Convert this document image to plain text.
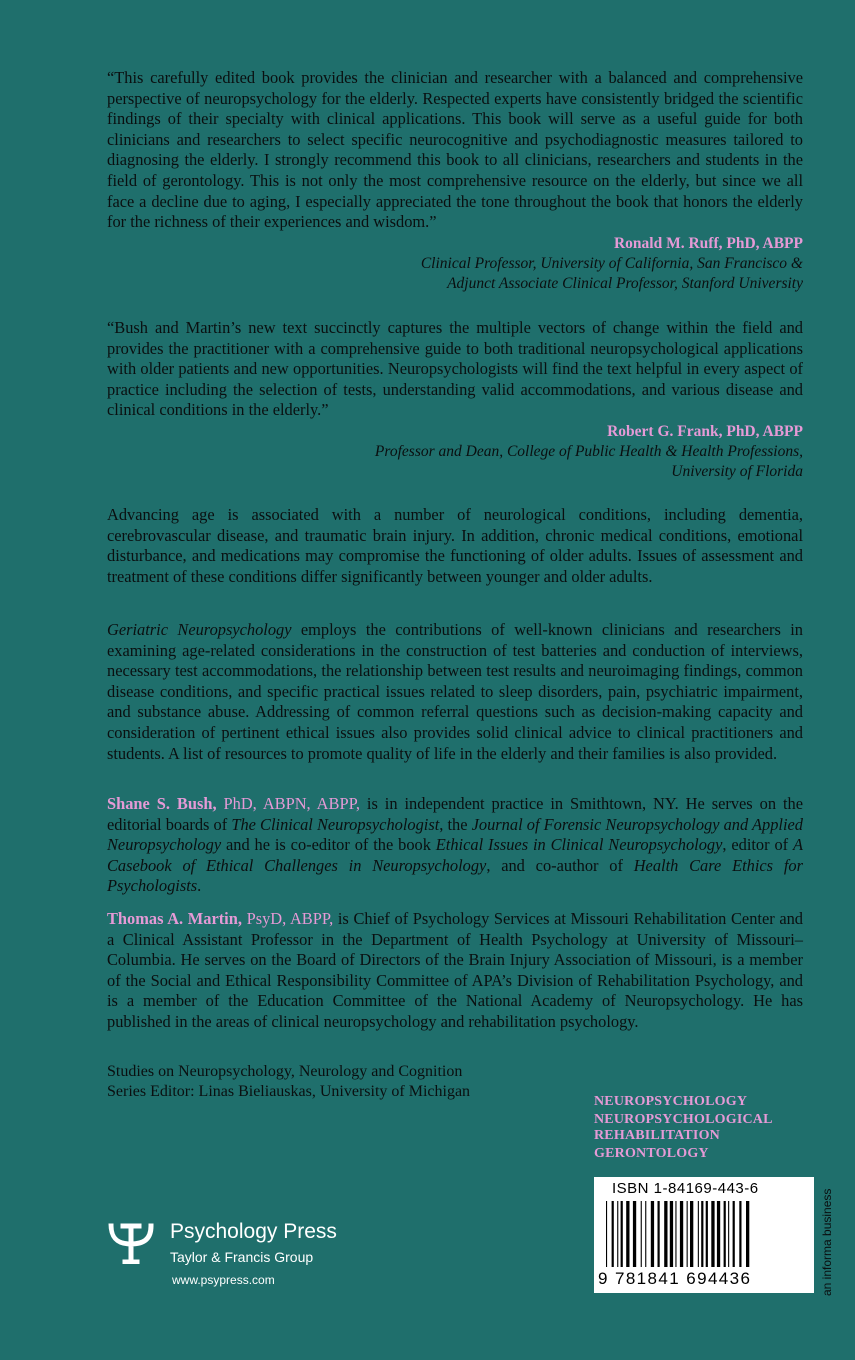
“This carefully edited book provides the clinician and researcher with a balanced and comprehensive perspective of neuropsychology for the elderly. Respected experts have consistently bridged the scientific findings of their specialty with clinical applications. This book will serve as a useful guide for both clinicians and researchers to select specific neurocognitive and psychodiagnostic measures tailored to diagnosing the elderly. I strongly recommend this book to all clinicians, researchers and students in the field of gerontology. This is not only the most comprehensive resource on the elderly, but since we all face a decline due to aging, I especially appreciated the tone throughout the book that honors the elderly for the richness of their experiences and wisdom.”

Ronald M. Ruff, PhD, ABPP
Clinical Professor, University of California, San Francisco &
Adjunct Associate Clinical Professor, Stanford University

“Bush and Martin’s new text succinctly captures the multiple vectors of change within the field and provides the practitioner with a comprehensive guide to both traditional neuropsychological applications with older patients and new opportunities. Neuropsychologists will find the text helpful in every aspect of practice including the selection of tests, understanding valid accommodations, and various disease and clinical conditions in the elderly.”

Robert G. Frank, PhD, ABPP
Professor and Dean, College of Public Health & Health Professions,
University of Florida

Advancing age is associated with a number of neurological conditions, including dementia, cerebrovascular disease, and traumatic brain injury. In addition, chronic medical conditions, emotional disturbance, and medications may compromise the functioning of older adults. Issues of assessment and treatment of these conditions differ significantly between younger and older adults.

Geriatric Neuropsychology employs the contributions of well-known clinicians and researchers in examining age-related considerations in the construction of test batteries and conduction of interviews, necessary test accommodations, the relationship between test results and neuroimaging findings, common disease conditions, and specific practical issues related to sleep disorders, pain, psychiatric impairment, and substance abuse. Addressing of common referral questions such as decision-making capacity and consideration of pertinent ethical issues also provides solid clinical advice to clinical practitioners and students. A list of resources to promote quality of life in the elderly and their families is also provided.

Shane S. Bush, PhD, ABPN, ABPP, is in independent practice in Smithtown, NY. He serves on the editorial boards of The Clinical Neuropsychologist, the Journal of Forensic Neuropsychology and Applied Neuropsychology and he is co-editor of the book Ethical Issues in Clinical Neuropsychology, editor of A Casebook of Ethical Challenges in Neuropsychology, and co-author of Health Care Ethics for Psychologists.

Thomas A. Martin, PsyD, ABPP, is Chief of Psychology Services at Missouri Rehabilitation Center and a Clinical Assistant Professor in the Department of Health Psychology at University of Missouri–Columbia. He serves on the Board of Directors of the Brain Injury Association of Missouri, is a member of the Social and Ethical Responsibility Committee of APA’s Division of Rehabilitation Psychology, and is a member of the Education Committee of the National Academy of Neuropsychology. He has published in the areas of clinical neuropsychology and rehabilitation psychology.

Studies on Neuropsychology, Neurology and Cognition
Series Editor: Linas Bieliauskas, University of Michigan
NEUROPSYCHOLOGY
NEUROPSYCHOLOGICAL
REHABILITATION
GERONTOLOGY
ISBN 1-84169-443-6
9 781841 694436	an informa business
Psychology Press
Taylor & Francis Group
www.psypress.com
